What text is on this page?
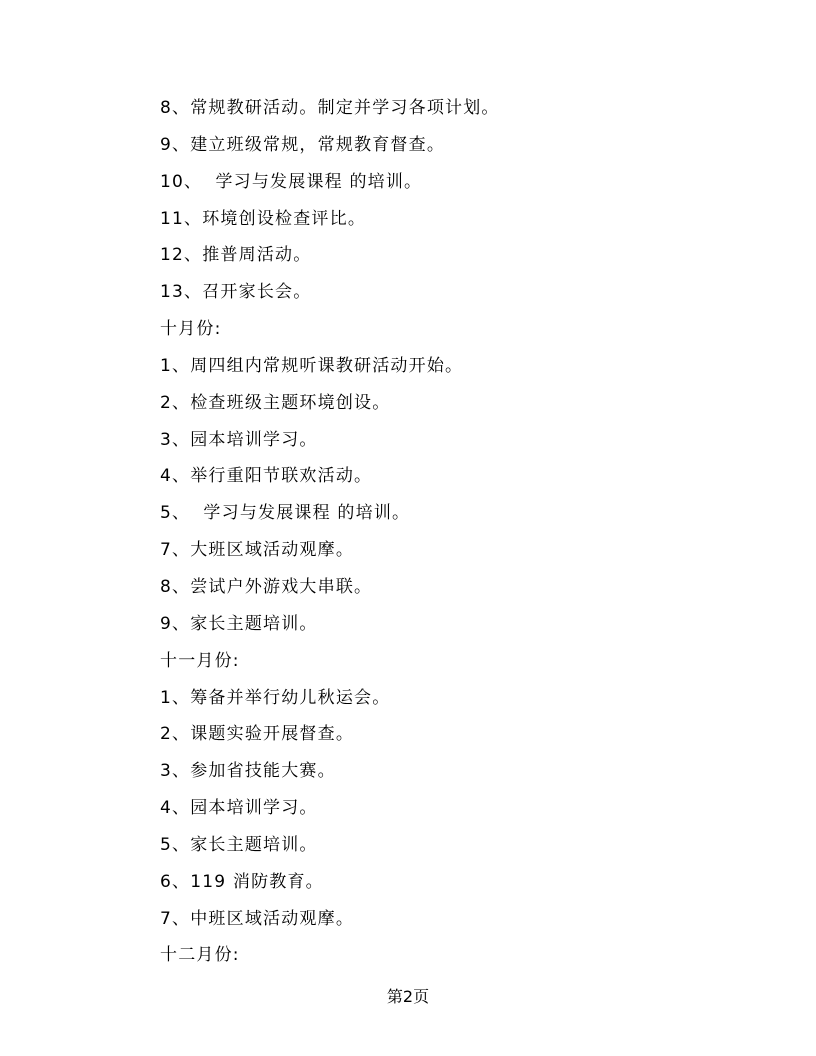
8、常规教研活动。制定并学习各项计划。
9、建立班级常规，常规教育督查。
10、  学习与发展课程 的培训。
11、环境创设检查评比。
12、推普周活动。
13、召开家长会。
十月份:
1、周四组内常规听课教研活动开始。
2、检查班级主题环境创设。
3、园本培训学习。
4、举行重阳节联欢活动。
5、  学习与发展课程 的培训。
7、大班区域活动观摩。
8、尝试户外游戏大串联。
9、家长主题培训。
十一月份:
1、筹备并举行幼儿秋运会。
2、课题实验开展督查。
3、参加省技能大赛。
4、园本培训学习。
5、家长主题培训。
6、119 消防教育。
7、中班区域活动观摩。
十二月份:
第2页
